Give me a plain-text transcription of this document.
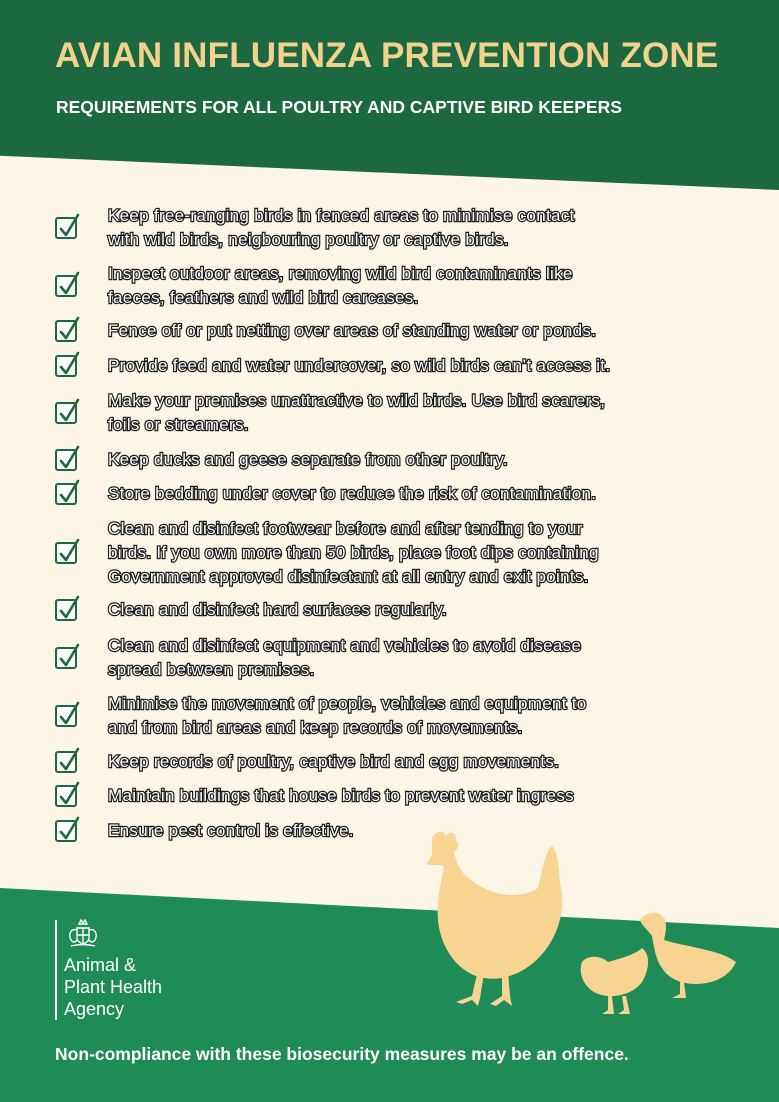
AVIAN INFLUENZA PREVENTION ZONE
REQUIREMENTS FOR ALL POULTRY AND CAPTIVE BIRD KEEPERS
Keep free-ranging birds in fenced areas to minimise contact
with wild birds, neigbouring poultry or captive birds.
Inspect outdoor areas, removing wild bird contaminants like
faeces, feathers and wild bird carcases.
Fence off or put netting over areas of standing water or ponds.
Provide feed and water undercover, so wild birds can’t access it.
Make your premises unattractive to wild birds. Use bird scarers,
foils or streamers.
Keep ducks and geese separate from other poultry.
Store bedding under cover to reduce the risk of contamination.
Clean and disinfect footwear before and after tending to your
birds. If you own more than 50 birds, place foot dips containing
Government approved disinfectant at all entry and exit points.
Clean and disinfect hard surfaces regularly.
Clean and disinfect equipment and vehicles to avoid disease
spread between premises.
Minimise the movement of people, vehicles and equipment to
and from bird areas and keep records of movements.
Keep records of poultry, captive bird and egg movements.
Maintain buildings that house birds to prevent water ingress
Ensure pest control is effective.
Animal &
Plant Health
Agency

Non-compliance with these biosecurity measures may be an offence.
